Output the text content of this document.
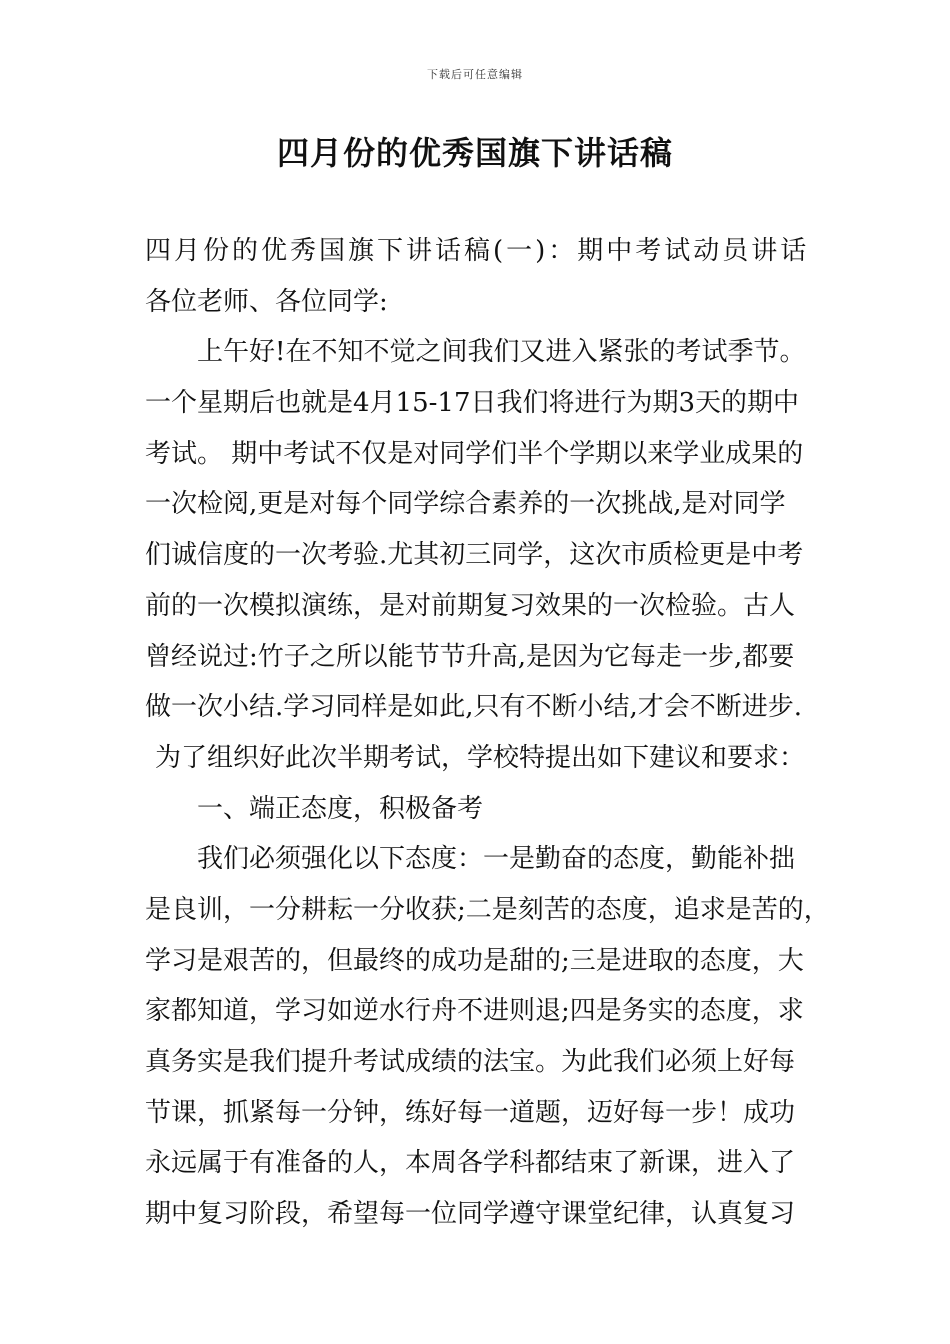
下载后可任意编辑
四月份的优秀国旗下讲话稿
四月份的优秀国旗下讲话稿(一)：期中考试动员讲话
各位老师、各位同学:
上午好!在不知不觉之间我们又进入紧张的考试季节。
一个星期后也就是4月15-17日我们将进行为期3天的期中
考试。 期中考试不仅是对同学们半个学期以来学业成果的
一次检阅,更是对每个同学综合素养的一次挑战,是对同学
们诚信度的一次考验.尤其初三同学，这次市质检更是中考
前的一次模拟演练，是对前期复习效果的一次检验。古人
曾经说过:竹子之所以能节节升高,是因为它每走一步,都要
做一次小结.学习同样是如此,只有不断小结,才会不断进步.
为了组织好此次半期考试，学校特提出如下建议和要求：
一、端正态度，积极备考
我们必须强化以下态度：一是勤奋的态度，勤能补拙
是良训，一分耕耘一分收获;二是刻苦的态度，追求是苦的，
学习是艰苦的，但最终的成功是甜的;三是进取的态度，大
家都知道，学习如逆水行舟不进则退;四是务实的态度，求
真务实是我们提升考试成绩的法宝。为此我们必须上好每
节课，抓紧每一分钟，练好每一道题，迈好每一步！成功
永远属于有准备的人，本周各学科都结束了新课，进入了
期中复习阶段，希望每一位同学遵守课堂纪律，认真复习
